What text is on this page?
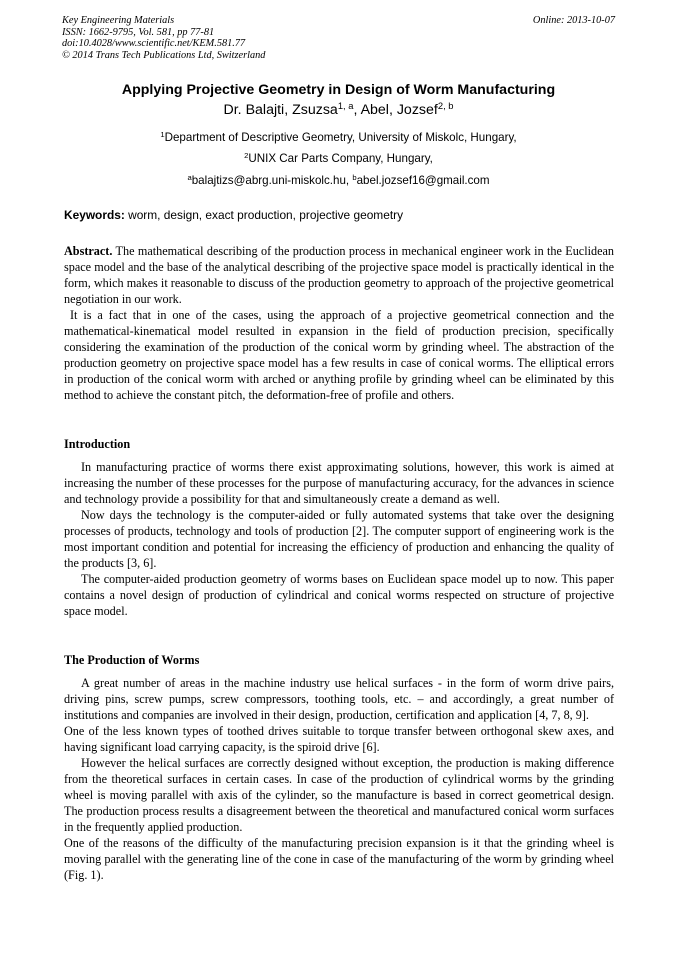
Key Engineering Materials	Online: 2013-10-07
ISSN: 1662-9795, Vol. 581, pp 77-81
doi:10.4028/www.scientific.net/KEM.581.77
© 2014 Trans Tech Publications Ltd, Switzerland
Applying Projective Geometry in Design of Worm Manufacturing
Dr. Balajti, Zsuzsa$^{1, a}$, Abel, Jozsef$^{2, b}$
$^1$Department of Descriptive Geometry, University of Miskolc, Hungary,
$^2$UNIX Car Parts Company, Hungary,
$^a$balajtizs@abrg.uni-miskolc.hu, $^b$abel.jozsef16@gmail.com
Keywords: worm, design, exact production, projective geometry

Abstract. The mathematical describing of the production process in mechanical engineer work in the Euclidean space model and the base of the analytical describing of the projective space model is practically identical in the form, which makes it reasonable to discuss of the production geometry to approach of the projective geometrical negotiation in our work.

It is a fact that in one of the cases, using the approach of a projective geometrical connection and the mathematical-kinematical model resulted in expansion in the field of production precision, specifically considering the examination of the production of the conical worm by grinding wheel. The abstraction of the production geometry on projective space model has a few results in case of conical worms. The elliptical errors in production of the conical worm with arched or anything profile by grinding wheel can be eliminated by this method to achieve the constant pitch, the deformation-free of profile and others.

Introduction

In manufacturing practice of worms there exist approximating solutions, however, this work is aimed at increasing the number of these processes for the purpose of manufacturing accuracy, for the advances in science and technology provide a possibility for that and simultaneously create a demand as well.

Now days the technology is the computer-aided or fully automated systems that take over the designing processes of products, technology and tools of production [2]. The computer support of engineering work is the most important condition and potential for increasing the efficiency of production and enhancing the quality of the products [3, 6].

The computer-aided production geometry of worms bases on Euclidean space model up to now. This paper contains a novel design of production of cylindrical and conical worms respected on structure of projective space model.

The Production of Worms

A great number of areas in the machine industry use helical surfaces - in the form of worm drive pairs, driving pins, screw pumps, screw compressors, toothing tools, etc. – and accordingly, a great number of institutions and companies are involved in their design, production, certification and application [4, 7, 8, 9].

One of the less known types of toothed drives suitable to torque transfer between orthogonal skew axes, and having significant load carrying capacity, is the spiroid drive [6].

However the helical surfaces are correctly designed without exception, the production is making difference from the theoretical surfaces in certain cases. In case of the production of cylindrical worms by the grinding wheel is moving parallel with axis of the cylinder, so the manufacture is based in correct geometrical design. The production process results a disagreement between the theoretical and manufactured conical worm surfaces in the frequently applied production.

One of the reasons of the difficulty of the manufacturing precision expansion is it that the grinding wheel is moving parallel with the generating line of the cone in case of the manufacturing of the worm by grinding wheel (Fig. 1).
